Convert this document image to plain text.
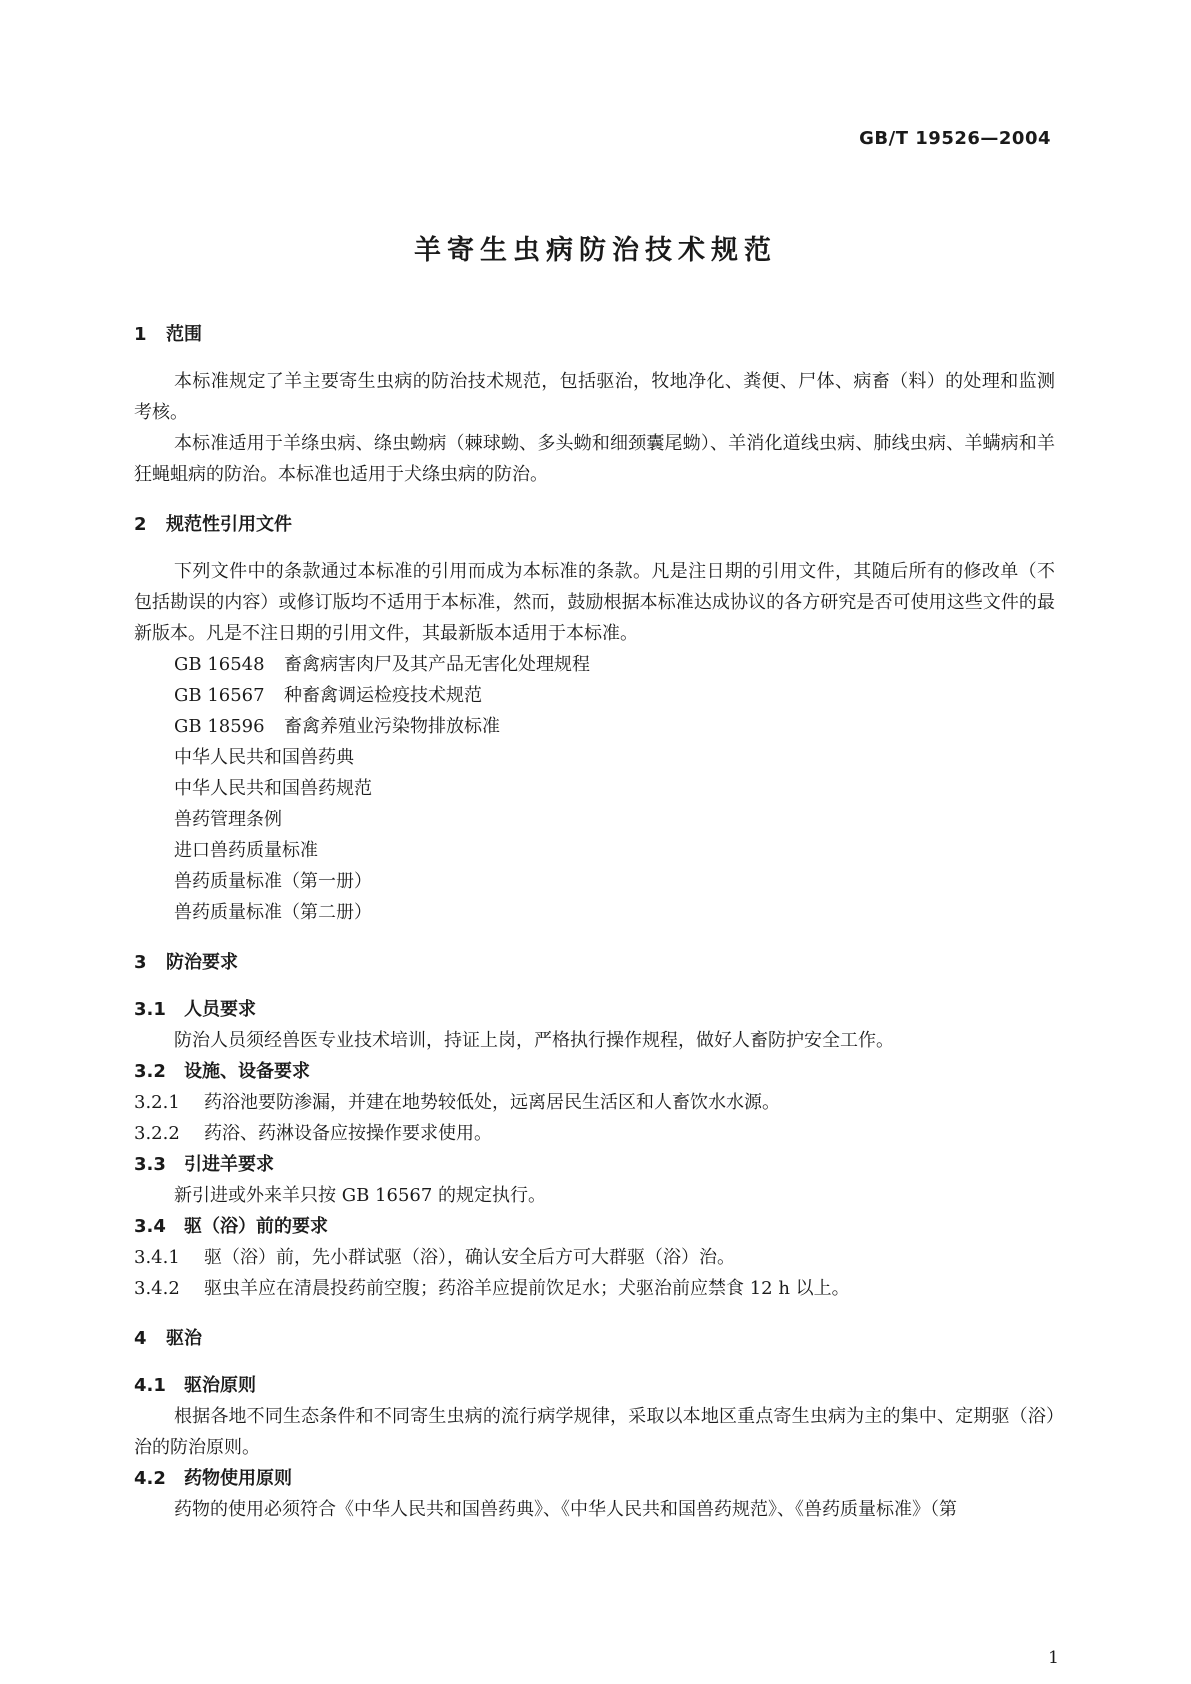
GB/T 19526—2004
羊寄生虫病防治技术规范
1 范围

本标准规定了羊主要寄生虫病的防治技术规范，包括驱治，牧地净化、粪便、尸体、病畜（料）的处理和监测考核。

本标准适用于羊绦虫病、绦虫蚴病（棘球蚴、多头蚴和细颈囊尾蚴）、羊消化道线虫病、肺线虫病、羊螨病和羊狂蝇蛆病的防治。本标准也适用于犬绦虫病的防治。

2 规范性引用文件

下列文件中的条款通过本标准的引用而成为本标准的条款。凡是注日期的引用文件，其随后所有的修改单（不包括勘误的内容）或修订版均不适用于本标准，然而，鼓励根据本标准达成协议的各方研究是否可使用这些文件的最新版本。凡是不注日期的引用文件，其最新版本适用于本标准。

GB 16548 畜禽病害肉尸及其产品无害化处理规程
GB 16567 种畜禽调运检疫技术规范
GB 18596 畜禽养殖业污染物排放标准
中华人民共和国兽药典
中华人民共和国兽药规范
兽药管理条例
进口兽药质量标准
兽药质量标准（第一册）
兽药质量标准（第二册）
3 防治要求
3.1 人员要求

防治人员须经兽医专业技术培训，持证上岗，严格执行操作规程，做好人畜防护安全工作。

3.2 设施、设备要求

3.2.1 药浴池要防渗漏，并建在地势较低处，远离居民生活区和人畜饮水水源。

3.2.2 药浴、药淋设备应按操作要求使用。

3.3 引进羊要求

新引进或外来羊只按 GB 16567 的规定执行。

3.4 驱（浴）前的要求

3.4.1 驱（浴）前，先小群试驱（浴），确认安全后方可大群驱（浴）治。

3.4.2 驱虫羊应在清晨投药前空腹；药浴羊应提前饮足水；犬驱治前应禁食 12 h 以上。

4 驱治
4.1 驱治原则

根据各地不同生态条件和不同寄生虫病的流行病学规律，采取以本地区重点寄生虫病为主的集中、定期驱（浴）治的防治原则。

4.2 药物使用原则

药物的使用必须符合《中华人民共和国兽药典》、《中华人民共和国兽药规范》、《兽药质量标准》（第

1
